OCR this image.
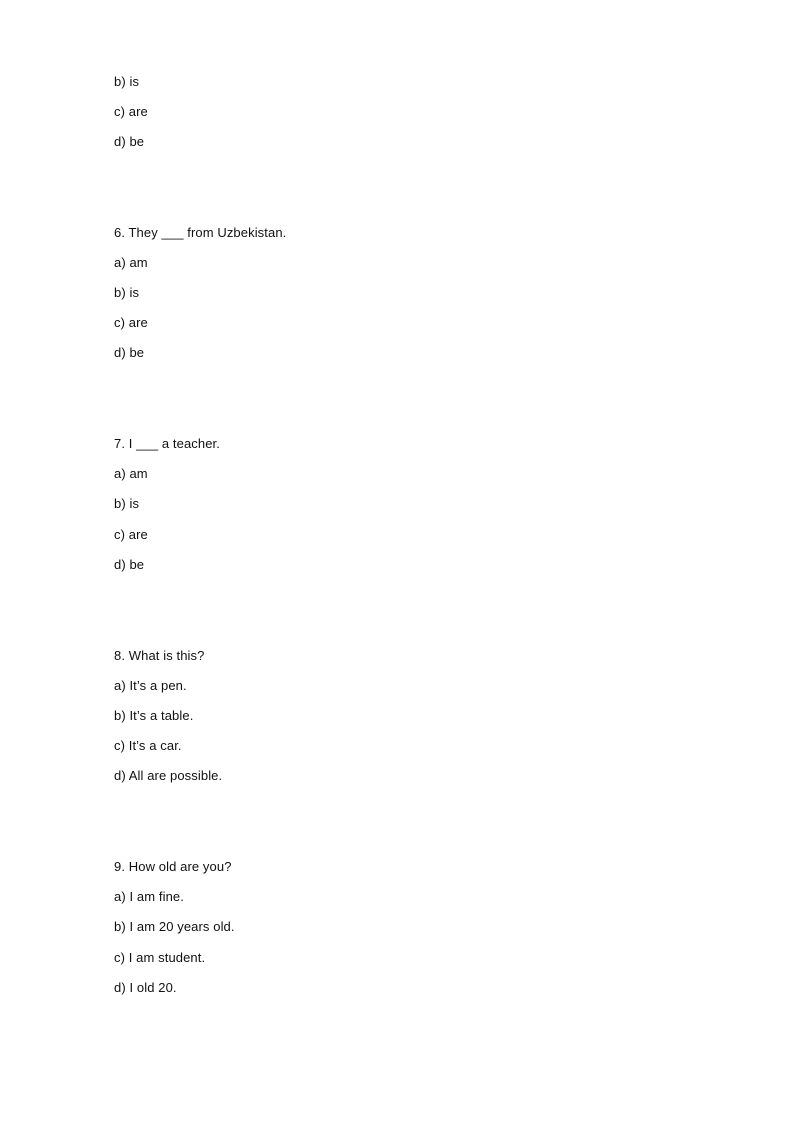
b) is
c) are
d) be
6. They ___ from Uzbekistan.
a) am
b) is
c) are
d) be
7. I ___ a teacher.
a) am
b) is
c) are
d) be
8. What is this?
a) It’s a pen.
b) It’s a table.
c) It’s a car.
d) All are possible.
9. How old are you?
a) I am fine.
b) I am 20 years old.
c) I am student.
d) I old 20.
